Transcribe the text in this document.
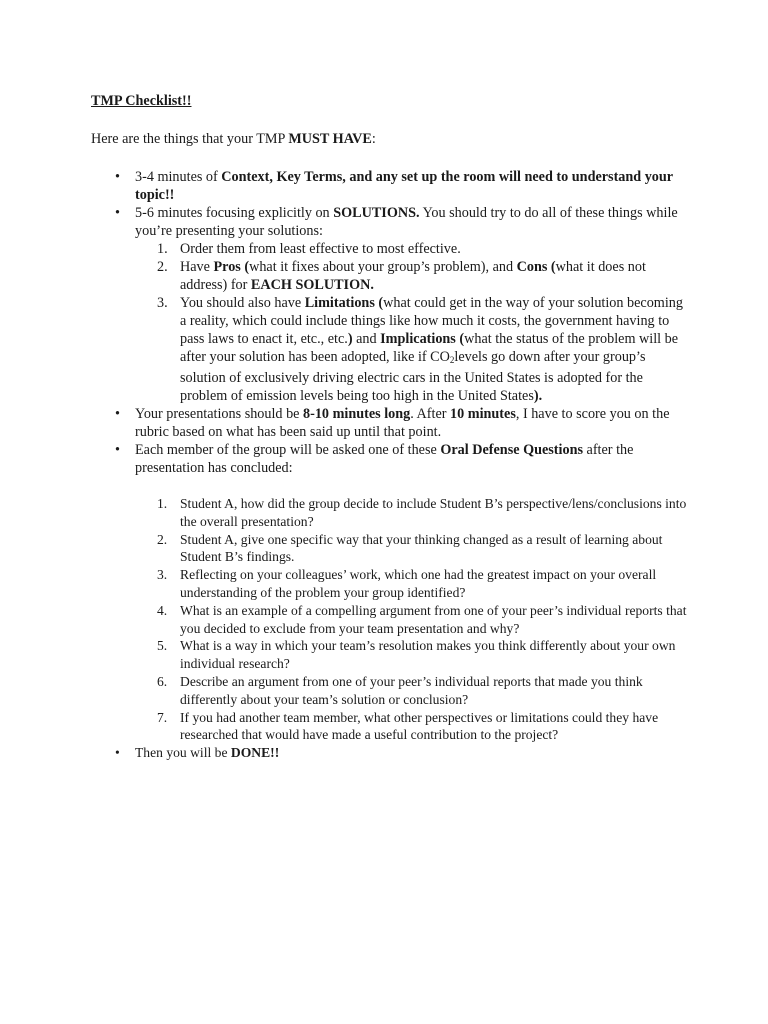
TMP Checklist!!
Here are the things that your TMP MUST HAVE:
• 3-4 minutes of Context, Key Terms, and any set up the room will need to understand your topic!!
• 5-6 minutes focusing explicitly on SOLUTIONS. You should try to do all of these things while you’re presenting your solutions:
1. Order them from least effective to most effective.
2. Have Pros (what it fixes about your group’s problem), and Cons (what it does not address) for EACH SOLUTION.
3. You should also have Limitations (what could get in the way of your solution becoming a reality, which could include things like how much it costs, the government having to pass laws to enact it, etc., etc.) and Implications (what the status of the problem will be after your solution has been adopted, like if $CO_2levels$ go down after your group’s solution of exclusively driving electric cars in the United States is adopted for the problem of emission levels being too high in the United States).
• Your presentations should be 8-10 minutes long. After 10 minutes, I have to score you on the rubric based on what has been said up until that point.
• Each member of the group will be asked one of these Oral Defense Questions after the presentation has concluded:
1. Student A, how did the group decide to include Student B’s perspective/lens/conclusions into the overall presentation?
2. Student A, give one specific way that your thinking changed as a result of learning about Student B’s findings.
3. Reflecting on your colleagues’ work, which one had the greatest impact on your overall understanding of the problem your group identified?
4. What is an example of a compelling argument from one of your peer’s individual reports that you decided to exclude from your team presentation and why?
5. What is a way in which your team’s resolution makes you think differently about your own individual research?
6. Describe an argument from one of your peer’s individual reports that made you think differently about your team’s solution or conclusion?
7. If you had another team member, what other perspectives or limitations could they have researched that would have made a useful contribution to the project?
• Then you will be DONE!!
